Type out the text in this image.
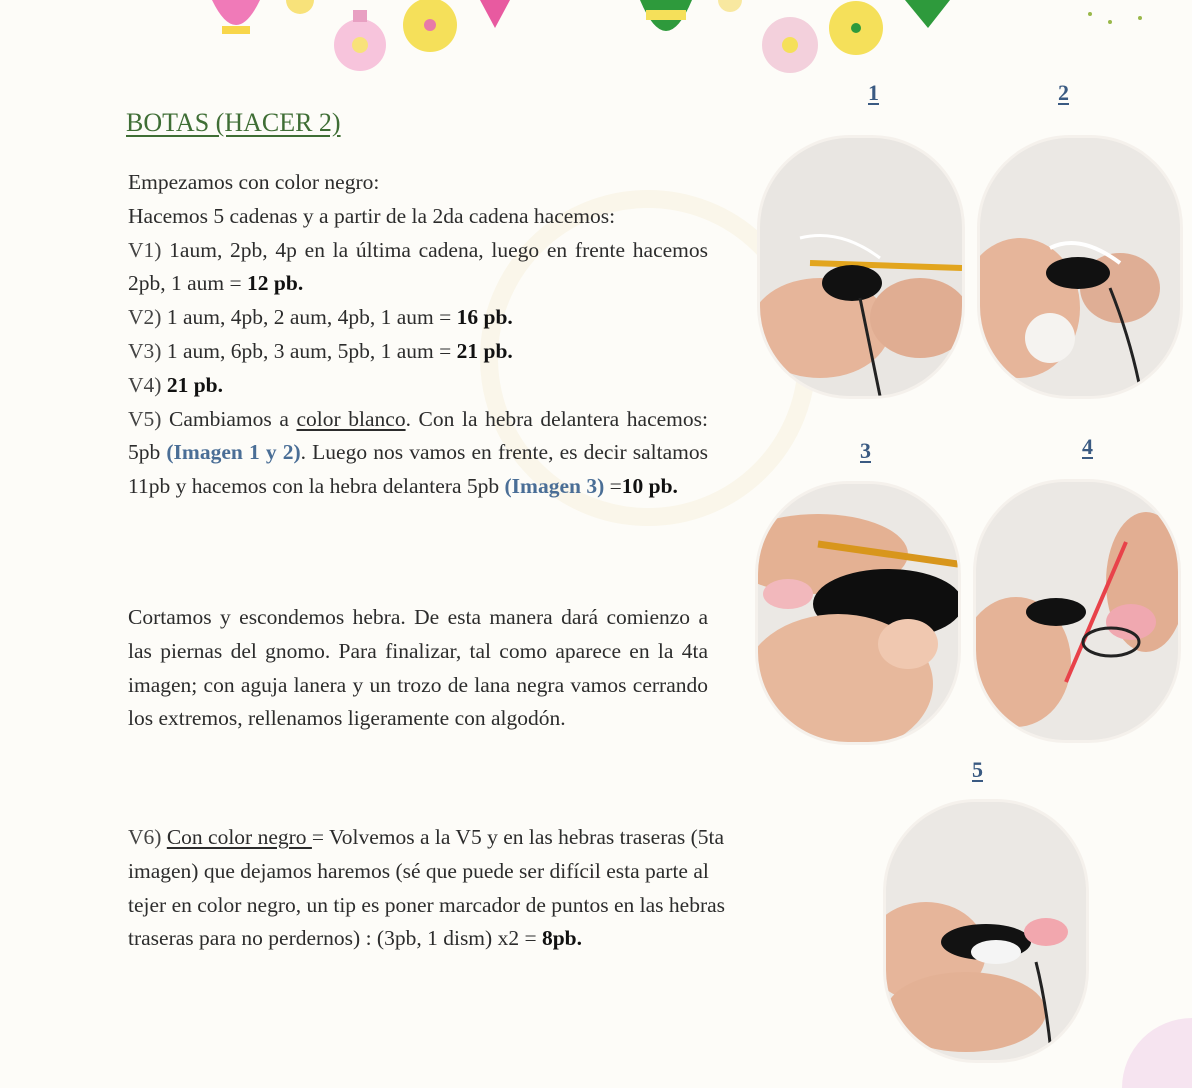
BOTAS (HACER 2)

Empezamos con color negro:

Hacemos 5 cadenas y a partir de la 2da cadena hacemos:

V1) 1aum, 2pb, 4p en la última cadena, luego en frente hacemos 2pb, 1 aum = 12 pb.

V2) 1 aum, 4pb, 2 aum, 4pb, 1 aum = 16 pb.

V3) 1 aum, 6pb, 3 aum, 5pb, 1 aum = 21 pb.

V4) 21 pb.

V5) Cambiamos a color blanco. Con la hebra delantera hacemos: 5pb (Imagen 1 y 2). Luego nos vamos en frente, es decir saltamos 11pb y hacemos con la hebra delantera 5pb (Imagen 3) =10 pb.

Cortamos y escondemos hebra. De esta manera dará comienzo a las piernas del gnomo. Para finalizar, tal como aparece en la 4ta imagen; con aguja lanera y un trozo de lana negra vamos cerrando los extremos, rellenamos ligeramente con algodón.

V6) Con color negro = Volvemos a la V5 y en las hebras traseras (5ta imagen) que dejamos haremos (sé que puede ser difícil esta parte al tejer en color negro, un tip es poner marcador de puntos en las hebras traseras para no perdernos) : (3pb, 1 dism) x2 = 8pb.

1	2
3	4
5
